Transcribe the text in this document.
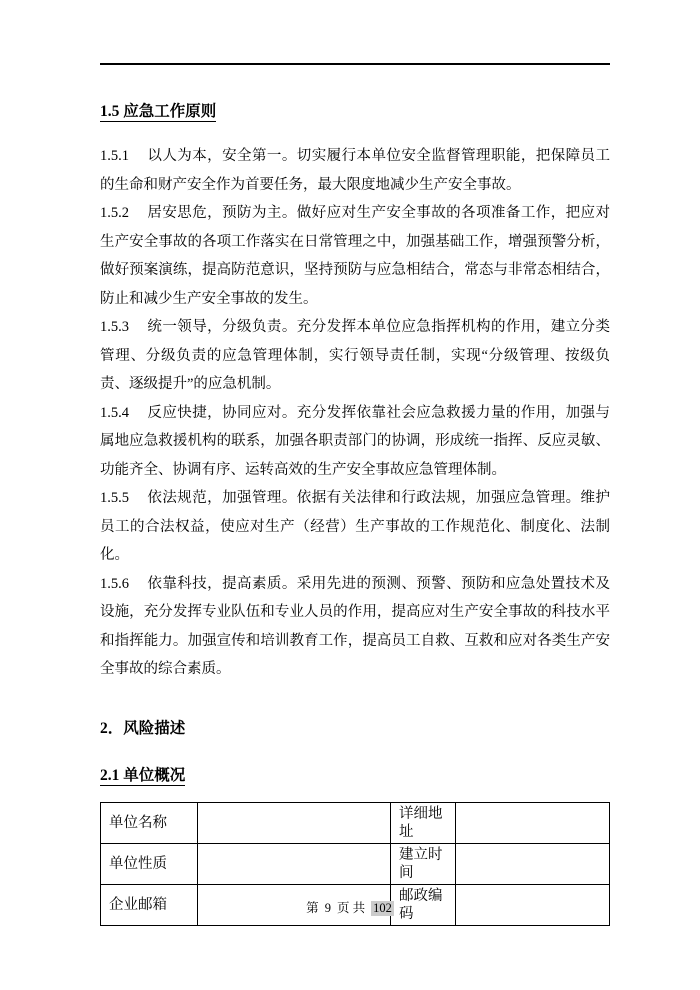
1.5 应急工作原则

1.5.1 以人为本，安全第一。切实履行本单位安全监督管理职能，把保障员工的生命和财产安全作为首要任务，最大限度地减少生产安全事故。

1.5.2 居安思危，预防为主。做好应对生产安全事故的各项准备工作，把应对生产安全事故的各项工作落实在日常管理之中，加强基础工作，增强预警分析，做好预案演练，提高防范意识，坚持预防与应急相结合，常态与非常态相结合，防止和减少生产安全事故的发生。

1.5.3 统一领导，分级负责。充分发挥本单位应急指挥机构的作用，建立分类管理、分级负责的应急管理体制，实行领导责任制，实现“分级管理、按级负责、逐级提升”的应急机制。

1.5.4 反应快捷，协同应对。充分发挥依靠社会应急救援力量的作用，加强与属地应急救援机构的联系，加强各职责部门的协调，形成统一指挥、反应灵敏、功能齐全、协调有序、运转高效的生产安全事故应急管理体制。

1.5.5 依法规范，加强管理。依据有关法律和行政法规，加强应急管理。维护员工的合法权益，使应对生产（经营）生产事故的工作规范化、制度化、法制化。

1.5.6 依靠科技，提高素质。采用先进的预测、预警、预防和应急处置技术及设施，充分发挥专业队伍和专业人员的作用，提高应对生产安全事故的科技水平和指挥能力。加强宣传和培训教育工作，提高员工自救、互救和应对各类生产安全事故的综合素质。

2．风险描述
2.1 单位概况
单位名称		详细地址	
单位性质		建立时间	
企业邮箱		邮政编码	
第 9 页 共 102
